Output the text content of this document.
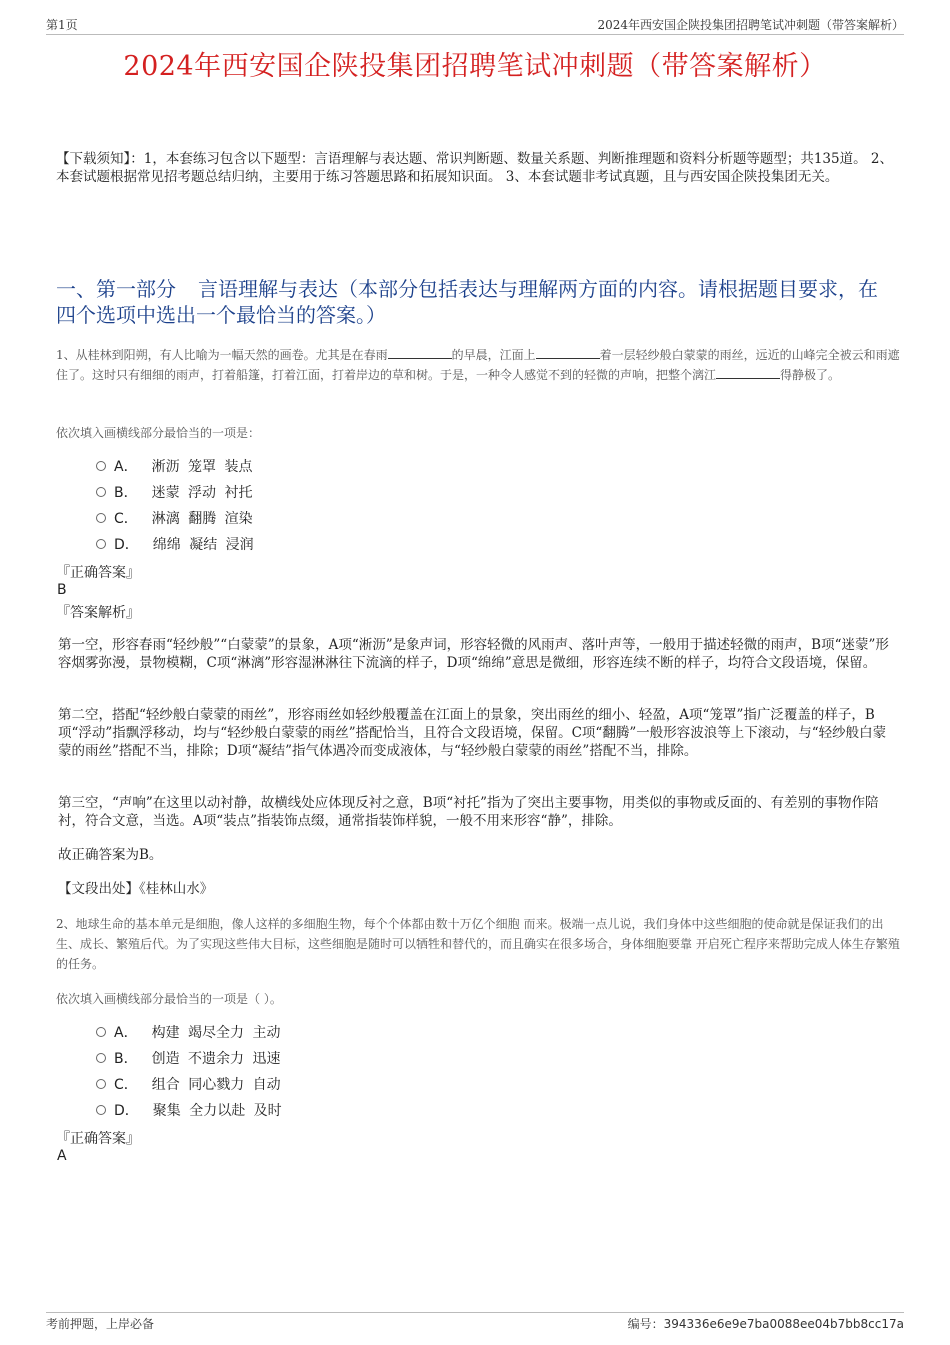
第1页	2024年西安国企陕投集团招聘笔试冲刺题（带答案解析）
2024年西安国企陕投集团招聘笔试冲刺题（带答案解析）
【下载须知】：1，本套练习包含以下题型：言语理解与表达题、常识判断题、数量关系题、判断推理题和资料分析题等题型；共135道。 2、本套试题根据常见招考题总结归纳，主要用于练习答题思路和拓展知识面。 3、本套试题非考试真题，且与西安国企陕投集团无关。
一、第一部分 言语理解与表达（本部分包括表达与理解两方面的内容。请根据题目要求，在四个选项中选出一个最恰当的答案。）
1、从桂林到阳朔，有人比喻为一幅天然的画卷。尤其是在春雨	的早晨，江面上	着一层轻纱般白蒙蒙的雨丝，远近的山峰完全被云和雨遮住了。这时只有细细的雨声，打着船篷，打着江面，打着岸边的草和树。于是，一种令人感觉不到的轻微的声响，把整个漓江	得静极了。
依次填入画横线部分最恰当的一项是：
A． 淅沥 笼罩 装点
B． 迷蒙 浮动 衬托
C． 淋漓 翻腾 渲染
D． 绵绵 凝结 浸润
『正确答案』
B
『答案解析』
第一空，形容春雨“轻纱般”“白蒙蒙”的景象，A项“淅沥”是象声词，形容轻微的风雨声、落叶声等，一般用于描述轻微的雨声，B项“迷蒙”形容烟雾弥漫，景物模糊，C项“淋漓”形容湿淋淋往下流滴的样子，D项“绵绵”意思是微细，形容连续不断的样子，均符合文段语境，保留。
第二空，搭配“轻纱般白蒙蒙的雨丝”，形容雨丝如轻纱般覆盖在江面上的景象，突出雨丝的细小、轻盈，A项“笼罩”指广泛覆盖的样子，B项“浮动”指飘浮移动，均与“轻纱般白蒙蒙的雨丝”搭配恰当，且符合文段语境，保留。C项“翻腾”一般形容波浪等上下滚动，与“轻纱般白蒙蒙的雨丝”搭配不当，排除；D项“凝结”指气体遇冷而变成液体，与“轻纱般白蒙蒙的雨丝”搭配不当，排除。
第三空，“声响”在这里以动衬静，故横线处应体现反衬之意，B项“衬托”指为了突出主要事物，用类似的事物或反面的、有差别的事物作陪衬，符合文意，当选。A项“装点”指装饰点缀，通常指装饰样貌，一般不用来形容“静”，排除。
故正确答案为B。
【文段出处】《桂林山水》
2、地球生命的基本单元是细胞，像人这样的多细胞生物，每个个体都由数十万亿个细胞 而来。极端一点儿说，我们身体中这些细胞的使命就是保证我们的出生、成长、繁殖后代。为了实现这些伟大目标，这些细胞是随时可以牺牲和替代的，而且确实在很多场合，身体细胞要靠 开启死亡程序来帮助完成人体生存繁殖的任务。
依次填入画横线部分最恰当的一项是（ ）。
A． 构建 竭尽全力 主动
B． 创造 不遗余力 迅速
C． 组合 同心戮力 自动
D． 聚集 全力以赴 及时
『正确答案』
A
考前押题，上岸必备	编号：394336e6e9e7ba0088ee04b7bb8cc17a
